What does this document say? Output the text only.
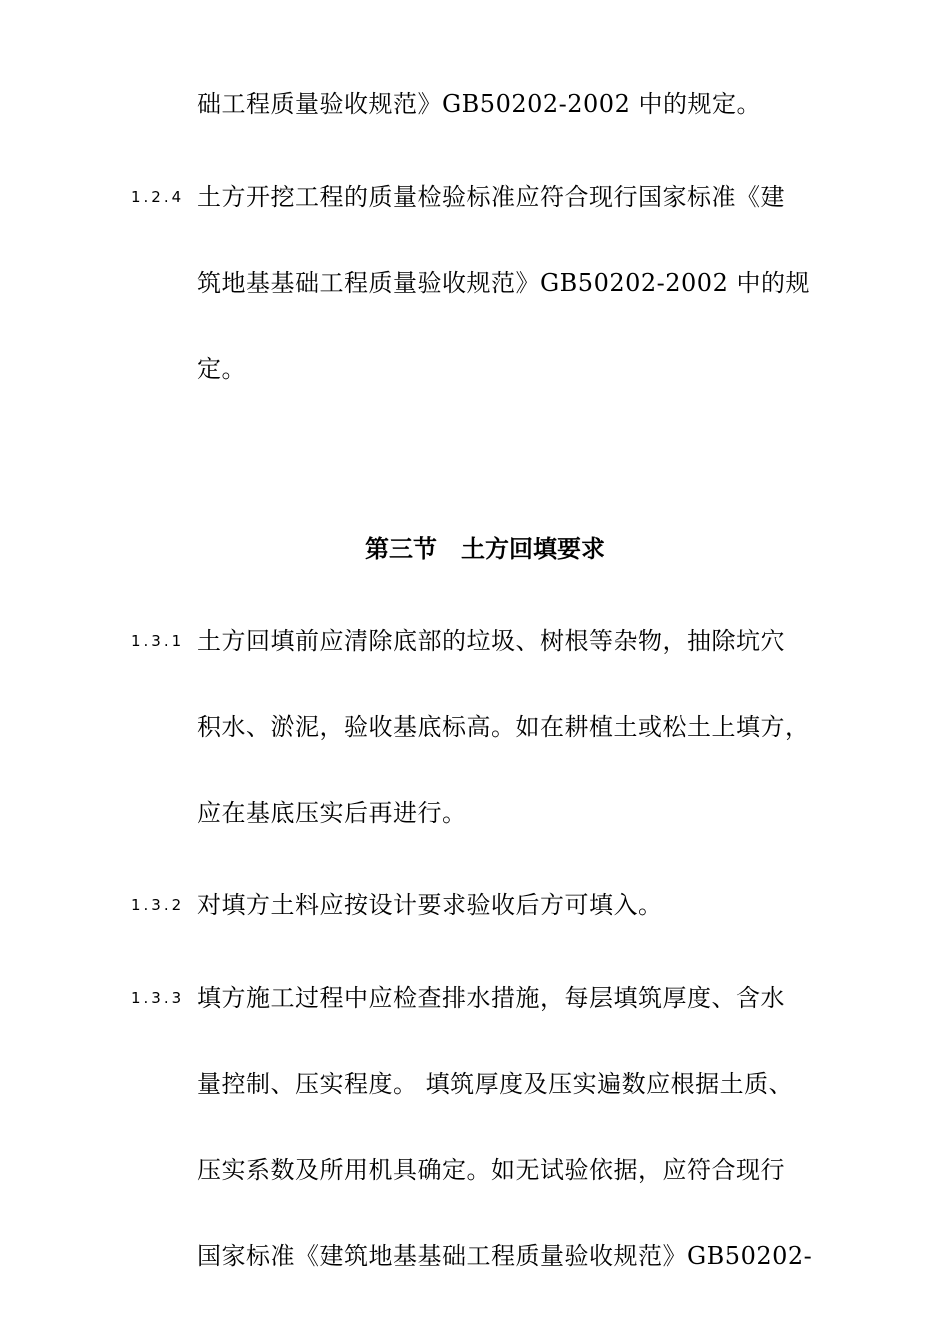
础工程质量验收规范》GB50202-2002 中的规定。
1.2.4 土方开挖工程的质量检验标准应符合现行国家标准《建
筑地基基础工程质量验收规范》GB50202-2002 中的规
定。
第三节　土方回填要求
1.3.1 土方回填前应清除底部的垃圾、树根等杂物，抽除坑穴
积水、淤泥，验收基底标高。如在耕植土或松土上填方，
应在基底压实后再进行。
1.3.2 对填方土料应按设计要求验收后方可填入。
1.3.3 填方施工过程中应检查排水措施，每层填筑厚度、含水
量控制、压实程度。 填筑厚度及压实遍数应根据土质、
压实系数及所用机具确定。如无试验依据，应符合现行
国家标准《建筑地基基础工程质量验收规范》GB50202-
